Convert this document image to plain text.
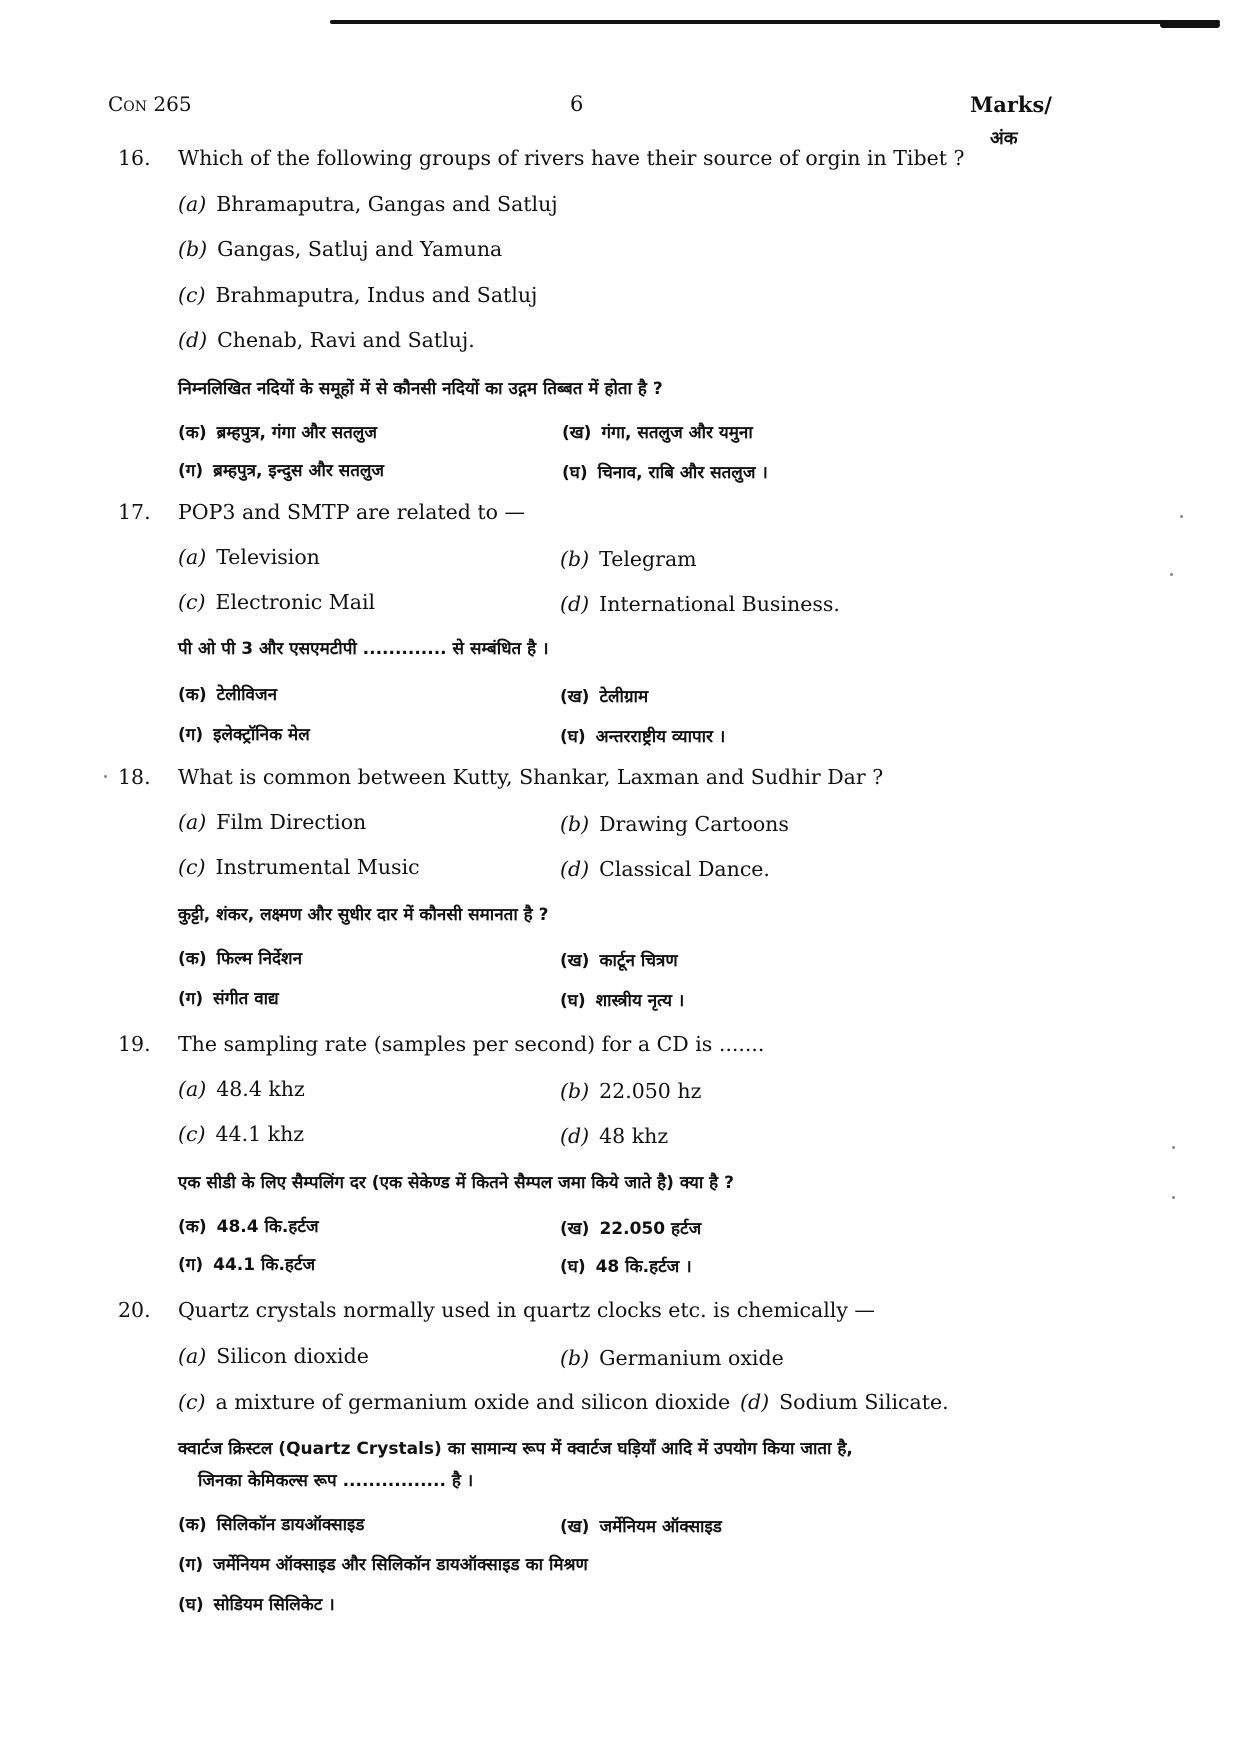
Con 265	6	Marks/
अंक
16. Which of the following groups of rivers have their source of orgin in Tibet ?
(a) Bhramaputra, Gangas and Satluj
(b) Gangas, Satluj and Yamuna
(c) Brahmaputra, Indus and Satluj
(d) Chenab, Ravi and Satluj.
निम्नलिखित नदियों के समूहों में से कौनसी नदियों का उद्गम तिब्बत में होता है ?
(क) ब्रम्हपुत्र, गंगा और सतलुज	(ख) गंगा, सतलुज और यमुना
(ग) ब्रम्हपुत्र, इन्दुस और सतलुज	(घ) चिनाव, राबि और सतलुज ।
17. POP3 and SMTP are related to —
(a) Television	(b) Telegram
(c) Electronic Mail	(d) International Business.
पी ओ पी 3 और एसएमटीपी ............. से सम्बंधित है ।
(क) टेलीविजन	(ख) टेलीग्राम
(ग) इलेक्ट्रॉनिक मेल	(घ) अन्तरराष्ट्रीय व्यापार ।
18. What is common between Kutty, Shankar, Laxman and Sudhir Dar ?
(a) Film Direction	(b) Drawing Cartoons
(c) Instrumental Music	(d) Classical Dance.
कुट्टी, शंकर, लक्ष्मण और सुधीर दार में कौनसी समानता है ?
(क) फिल्म निर्देशन	(ख) कार्टून चित्रण
(ग) संगीत वाद्य	(घ) शास्त्रीय नृत्य ।
19. The sampling rate (samples per second) for a CD is .......
(a) 48.4 khz	(b) 22.050 hz
(c) 44.1 khz	(d) 48 khz
एक सीडी के लिए सैम्पलिंग दर (एक सेकेण्ड में कितने सैम्पल जमा किये जाते है) क्या है ?
(क) 48.4 कि.हर्टज	(ख) 22.050 हर्टज
(ग) 44.1 कि.हर्टज	(घ) 48 कि.हर्टज ।
20. Quartz crystals normally used in quartz clocks etc. is chemically —
(a) Silicon dioxide	(b) Germanium oxide
(c) a mixture of germanium oxide and silicon dioxide (d) Sodium Silicate.
क्वार्टज क्रिस्टल (Quartz Crystals) का सामान्य रूप में क्वार्टज घड़ियाँ आदि में उपयोग किया जाता है,
जिनका केमिकल्स रूप ................ है ।
(क) सिलिकॉन डायऑक्साइड	(ख) जर्मेनियम ऑक्साइड
(ग) जर्मेनियम ऑक्साइड और सिलिकॉन डायऑक्साइड का मिश्रण
(घ) सोडियम सिलिकेट ।
